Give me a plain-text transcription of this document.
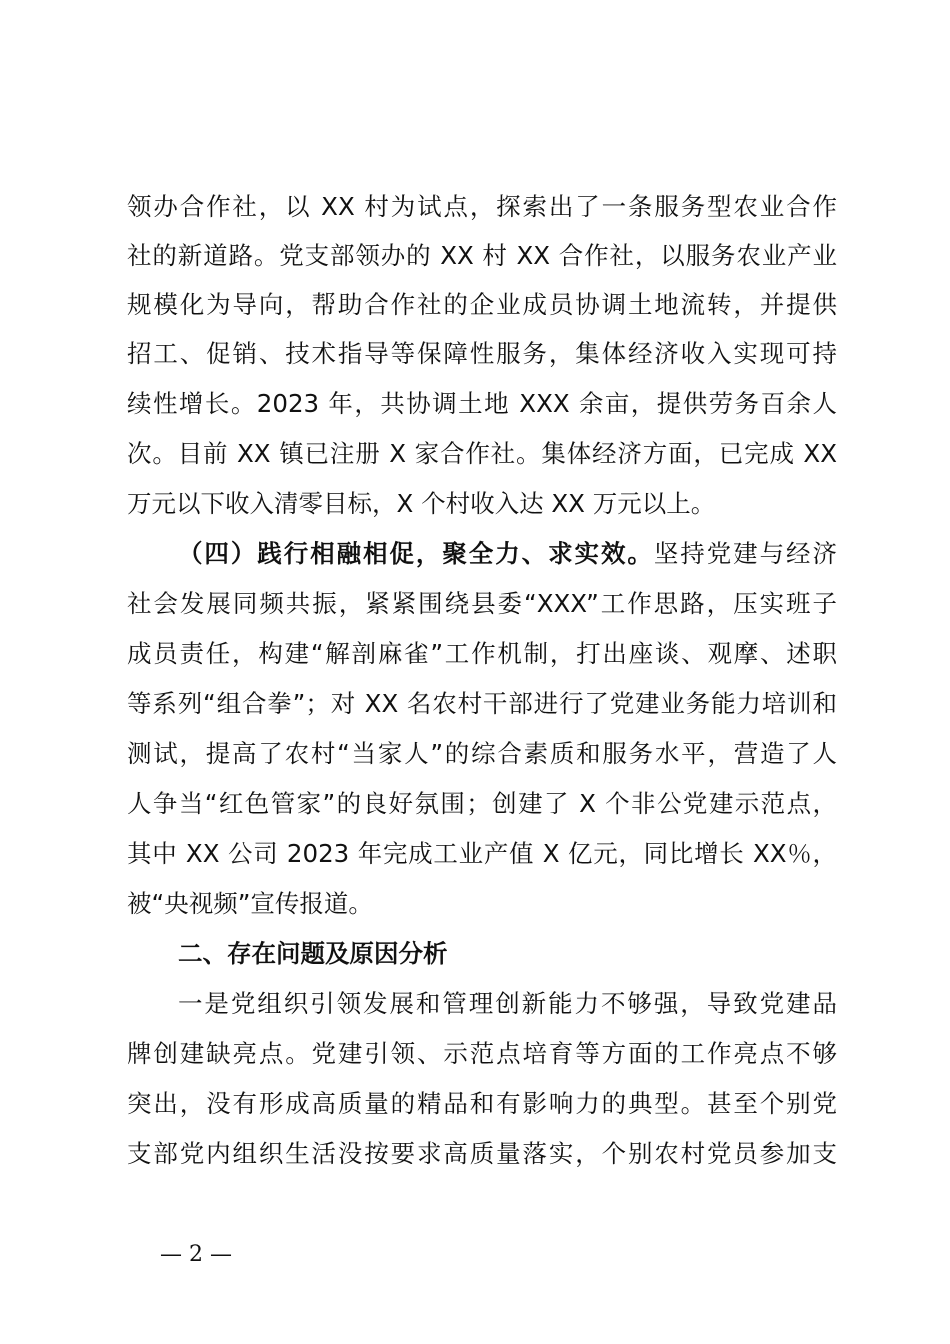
领办合作社，以 XX 村为试点，探索出了一条服务型农业合作
社的新道路。党支部领办的 XX 村 XX 合作社，以服务农业产业
规模化为导向，帮助合作社的企业成员协调土地流转，并提供
招工、促销、技术指导等保障性服务，集体经济收入实现可持
续性增长。2023 年，共协调土地 XXX 余亩，提供劳务百余人
次。目前 XX 镇已注册 X 家合作社。集体经济方面，已完成 XX
万元以下收入清零目标，X 个村收入达 XX 万元以上。
（四）践行相融相促，聚全力、求实效。坚持党建与经济
社会发展同频共振，紧紧围绕县委“XXX”工作思路，压实班子
成员责任，构建“解剖麻雀”工作机制，打出座谈、观摩、述职
等系列“组合拳”；对 XX 名农村干部进行了党建业务能力培训和
测试，提高了农村“当家人”的综合素质和服务水平，营造了人
人争当“红色管家”的良好氛围；创建了 X 个非公党建示范点，
其中 XX 公司 2023 年完成工业产值 X 亿元，同比增长 XX％，
被“央视频”宣传报道。
二、存在问题及原因分析
一是党组织引领发展和管理创新能力不够强，导致党建品
牌创建缺亮点。党建引领、示范点培育等方面的工作亮点不够
突出，没有形成高质量的精品和有影响力的典型。甚至个别党
支部党内组织生活没按要求高质量落实，个别农村党员参加支
— 2 —
